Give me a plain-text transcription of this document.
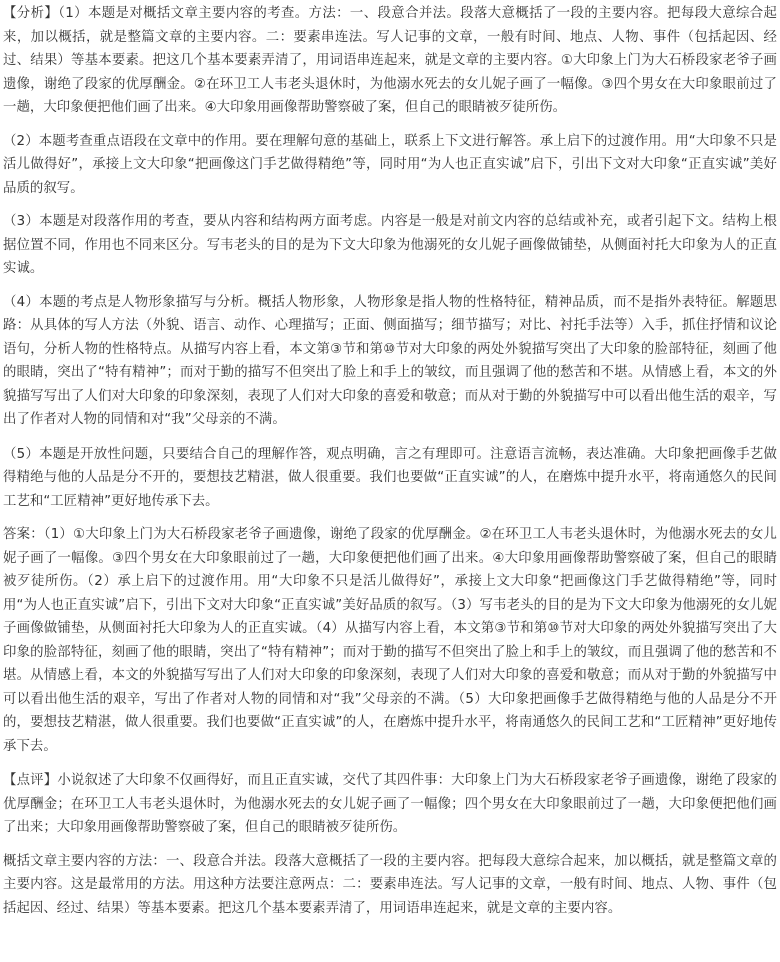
【分析】（1）本题是对概括文章主要内容的考查。方法：一、段意合并法。段落大意概括了一段的主要内容。把每段大意综合起来，加以概括，就是整篇文章的主要内容。二：要素串连法。写人记事的文章，一般有时间、地点、人物、事件（包括起因、经过、结果）等基本要素。把这几个基本要素弄清了，用词语串连起来，就是文章的主要内容。①大印象上门为大石桥段家老爷子画遗像，谢绝了段家的优厚酬金。②在环卫工人韦老头退休时，为他溺水死去的女儿妮子画了一幅像。③四个男女在大印象眼前过了一趟，大印象便把他们画了出来。④大印象用画像帮助警察破了案，但自己的眼睛被歹徒所伤。

（2）本题考查重点语段在文章中的作用。要在理解句意的基础上，联系上下文进行解答。承上启下的过渡作用。用“大印象不只是活儿做得好”，承接上文大印象“把画像这门手艺做得精绝”等，同时用“为人也正直实诚”启下，引出下文对大印象“正直实诚”美好品质的叙写。

（3）本题是对段落作用的考查，要从内容和结构两方面考虑。内容是一般是对前文内容的总结或补充，或者引起下文。结构上根据位置不同，作用也不同来区分。写韦老头的目的是为下文大印象为他溺死的女儿妮子画像做铺垫，从侧面衬托大印象为人的正直实诚。

（4）本题的考点是人物形象描写与分析。概括人物形象，人物形象是指人物的性格特征，精神品质，而不是指外表特征。解题思路：从具体的写人方法（外貌、语言、动作、心理描写；正面、侧面描写；细节描写；对比、衬托手法等）入手，抓住抒情和议论语句，分析人物的性格特点。从描写内容上看，本文第③节和第⑩节对大印象的两处外貌描写突出了大印象的脸部特征，刻画了他的眼睛，突出了“特有精神”；而对于勤的描写不但突出了脸上和手上的皱纹，而且强调了他的愁苦和不堪。从情感上看，本文的外貌描写写出了人们对大印象的印象深刻，表现了人们对大印象的喜爱和敬意；而从对于勤的外貌描写中可以看出他生活的艰辛，写出了作者对人物的同情和对“我”父母亲的不满。

（5）本题是开放性问题，只要结合自己的理解作答，观点明确，言之有理即可。注意语言流畅，表达准确。大印象把画像手艺做得精绝与他的人品是分不开的，要想技艺精湛，做人很重要。我们也要做“正直实诚”的人，在磨炼中提升水平，将南通悠久的民间工艺和“工匠精神”更好地传承下去。

答案：（1）①大印象上门为大石桥段家老爷子画遗像，谢绝了段家的优厚酬金。②在环卫工人韦老头退休时，为他溺水死去的女儿妮子画了一幅像。③四个男女在大印象眼前过了一趟，大印象便把他们画了出来。④大印象用画像帮助警察破了案，但自己的眼睛被歹徒所伤。（2）承上启下的过渡作用。用“大印象不只是活儿做得好”，承接上文大印象“把画像这门手艺做得精绝”等，同时用“为人也正直实诚”启下，引出下文对大印象“正直实诚”美好品质的叙写。（3）写韦老头的目的是为下文大印象为他溺死的女儿妮子画像做铺垫，从侧面衬托大印象为人的正直实诚。（4）从描写内容上看，本文第③节和第⑩节对大印象的两处外貌描写突出了大印象的脸部特征，刻画了他的眼睛，突出了“特有精神”；而对于勤的描写不但突出了脸上和手上的皱纹，而且强调了他的愁苦和不堪。从情感上看，本文的外貌描写写出了人们对大印象的印象深刻，表现了人们对大印象的喜爱和敬意；而从对于勤的外貌描写中可以看出他生活的艰辛，写出了作者对人物的同情和对“我”父母亲的不满。（5）大印象把画像手艺做得精绝与他的人品是分不开的，要想技艺精湛，做人很重要。我们也要做“正直实诚”的人，在磨炼中提升水平，将南通悠久的民间工艺和“工匠精神”更好地传承下去。

【点评】小说叙述了大印象不仅画得好，而且正直实诚，交代了其四件事：大印象上门为大石桥段家老爷子画遗像，谢绝了段家的优厚酬金；在环卫工人韦老头退休时，为他溺水死去的女儿妮子画了一幅像；四个男女在大印象眼前过了一趟，大印象便把他们画了出来；大印象用画像帮助警察破了案，但自己的眼睛被歹徒所伤。

概括文章主要内容的方法：一、段意合并法。段落大意概括了一段的主要内容。把每段大意综合起来，加以概括，就是整篇文章的主要内容。这是最常用的方法。用这种方法要注意两点：二：要素串连法。写人记事的文章，一般有时间、地点、人物、事件（包括起因、经过、结果）等基本要素。把这几个基本要素弄清了，用词语串连起来，就是文章的主要内容。
